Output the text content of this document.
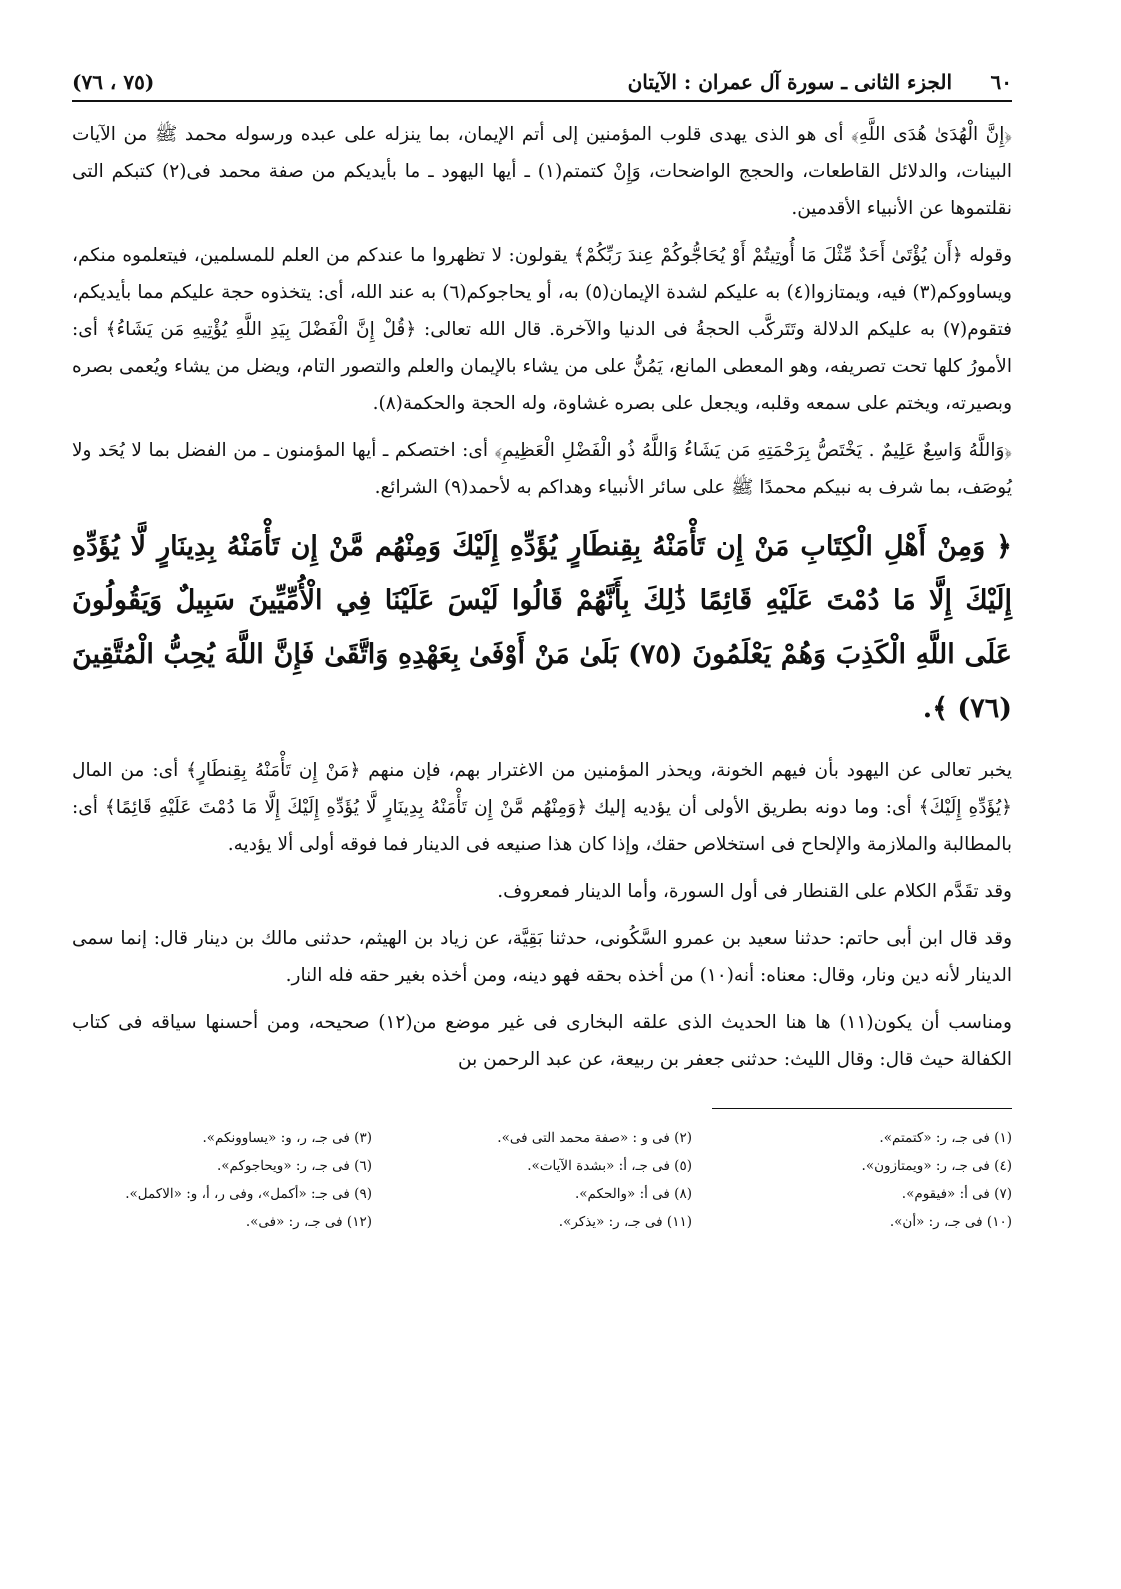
٦٠
الجزء الثانى ـ سورة آل عمران : الآيتان
(٧٥ ، ٧٦)

﴿إِنَّ الْهُدَىٰ هُدَى اللَّهِ﴾ أى هو الذى يهدى قلوب المؤمنين إلى أتم الإيمان، بما ينزله على عبده ورسوله محمد ﷺ من الآيات البينات، والدلائل القاطعات، والحجج الواضحات، وَإِنْ كتمتم(١) ـ أيها اليهود ـ ما بأيديكم من صفة محمد فى(٢) كتبكم التى نقلتموها عن الأنبياء الأقدمين.

وقوله ﴿أَن يُؤْتَىٰ أَحَدٌ مِّثْلَ مَا أُوتِيتُمْ أَوْ يُحَاجُّوكُمْ عِندَ رَبِّكُمْ﴾ يقولون: لا تظهروا ما عندكم من العلم للمسلمين، فيتعلموه منكم، ويساووكم(٣) فيه، ويمتازوا(٤) به عليكم لشدة الإيمان(٥) به، أو يحاجوكم(٦) به عند الله، أى: يتخذوه حجة عليكم مما بأيديكم، فتقوم(٧) به عليكم الدلالة وتَتَركَّب الحجةُ فى الدنيا والآخرة. قال الله تعالى: ﴿قُلْ إِنَّ الْفَضْلَ بِيَدِ اللَّهِ يُؤْتِيهِ مَن يَشَاءُ﴾ أى: الأمورُ كلها تحت تصريفه، وهو المعطى المانع، يَمُنُّ على من يشاء بالإيمان والعلم والتصور التام، ويضل من يشاء ويُعمى بصره وبصيرته، ويختم على سمعه وقلبه، ويجعل على بصره غشاوة، وله الحجة والحكمة(٨).

﴿وَاللَّهُ وَاسِعٌ عَلِيمٌ . يَخْتَصُّ بِرَحْمَتِهِ مَن يَشَاءُ وَاللَّهُ ذُو الْفَضْلِ الْعَظِيمِ﴾ أى: اختصكم ـ أيها المؤمنون ـ من الفضل بما لا يُحَد ولا يُوصَف، بما شرف به نبيكم محمدًا ﷺ على سائر الأنبياء وهداكم به لأحمد(٩) الشرائع.

﴿ وَمِنْ أَهْلِ الْكِتَابِ مَنْ إِن تَأْمَنْهُ بِقِنطَارٍ يُؤَدِّهِ إِلَيْكَ وَمِنْهُم مَّنْ إِن تَأْمَنْهُ بِدِينَارٍ لَّا يُؤَدِّهِ إِلَيْكَ إِلَّا مَا دُمْتَ عَلَيْهِ قَائِمًا ذَٰلِكَ بِأَنَّهُمْ قَالُوا لَيْسَ عَلَيْنَا فِي الْأُمِّيِّينَ سَبِيلٌ وَيَقُولُونَ عَلَى اللَّهِ الْكَذِبَ وَهُمْ يَعْلَمُونَ (٧٥) بَلَىٰ مَنْ أَوْفَىٰ بِعَهْدِهِ وَاتَّقَىٰ فَإِنَّ اللَّهَ يُحِبُّ الْمُتَّقِينَ (٧٦) ﴾.

يخبر تعالى عن اليهود بأن فيهم الخونة، ويحذر المؤمنين من الاغترار بهم، فإن منهم ﴿مَنْ إِن تَأْمَنْهُ بِقِنطَارٍ﴾ أى: من المال ﴿يُؤَدِّهِ إِلَيْكَ﴾ أى: وما دونه بطريق الأولى أن يؤديه إليك ﴿وَمِنْهُم مَّنْ إِن تَأْمَنْهُ بِدِينَارٍ لَّا يُؤَدِّهِ إِلَيْكَ إِلَّا مَا دُمْتَ عَلَيْهِ قَائِمًا﴾ أى: بالمطالبة والملازمة والإلحاح فى استخلاص حقك، وإذا كان هذا صنيعه فى الدينار فما فوقه أولى ألا يؤديه.

وقد تقَدَّم الكلام على القنطار فى أول السورة، وأما الدينار فمعروف.

وقد قال ابن أبى حاتم: حدثنا سعيد بن عمرو السَّكُونى، حدثنا بَقِيَّة، عن زياد بن الهيثم، حدثنى مالك بن دينار قال: إنما سمى الدينار لأنه دين ونار، وقال: معناه: أنه(١٠) من أخذه بحقه فهو دينه، ومن أخذه بغير حقه فله النار.

ومناسب أن يكون(١١) ها هنا الحديث الذى علقه البخارى فى غير موضع من(١٢) صحيحه، ومن أحسنها سياقه فى كتاب الكفالة حيث قال: وقال الليث: حدثنى جعفر بن ربيعة، عن عبد الرحمن بن

(١) فى جـ، ر: «كتمتم».
(٢) فى و : «صفة محمد التى فى».
(٣) فى جـ، ر، و: «يساوونكم».
(٤) فى جـ، ر: «ويمتازون».
(٥) فى جـ، أ: «بشدة الآيات».
(٦) فى جـ، ر: «ويحاجوكم».
(٧) فى أ: «فيقوم».
(٨) فى أ: «والحكم».
(٩) فى جـ: «أكمل»، وفى ر، أ، و: «الاكمل».
(١٠) فى جـ، ر: «أن».
(١١) فى جـ، ر: «يذكر».
(١٢) فى جـ، ر: «فى».
